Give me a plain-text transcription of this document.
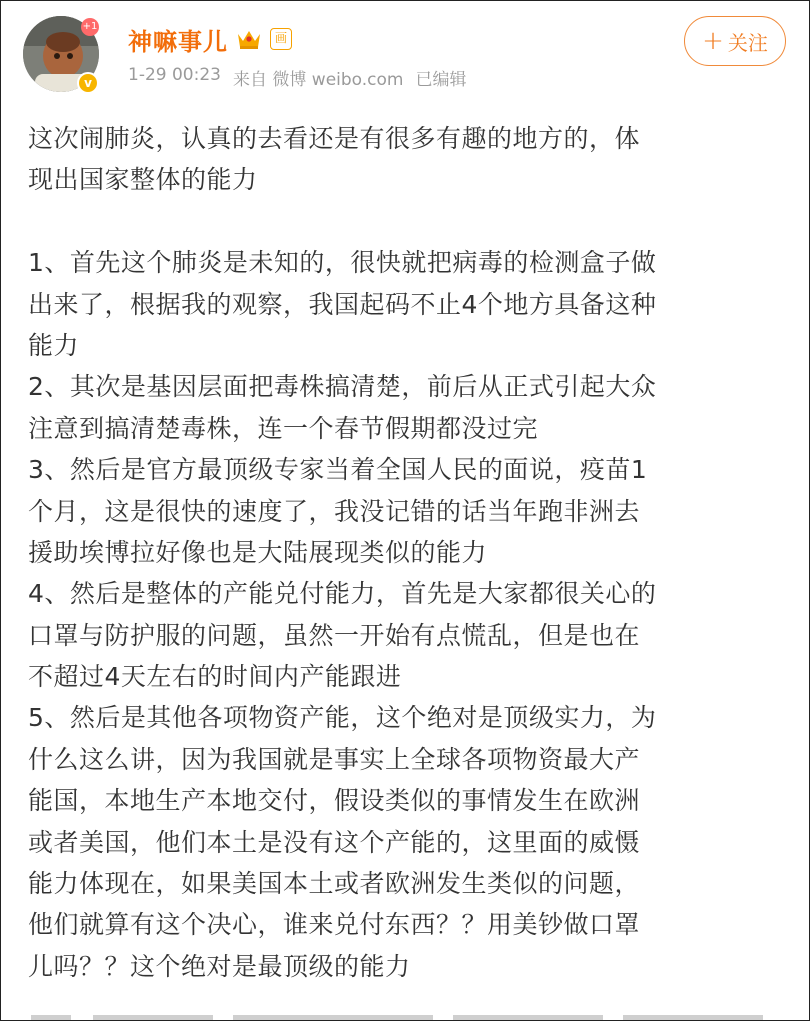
+1
v
神嘛事儿	画
1-29 00:23 来自 微博 weibo.com 已编辑
+ 关注
这次闹肺炎，认真的去看还是有很多有趣的地方的，体
现出国家整体的能力
1、首先这个肺炎是未知的，很快就把病毒的检测盒子做
出来了，根据我的观察，我国起码不止4个地方具备这种
能力
2、其次是基因层面把毒株搞清楚，前后从正式引起大众
注意到搞清楚毒株，连一个春节假期都没过完
3、然后是官方最顶级专家当着全国人民的面说，疫苗1
个月，这是很快的速度了，我没记错的话当年跑非洲去
援助埃博拉好像也是大陆展现类似的能力
4、然后是整体的产能兑付能力，首先是大家都很关心的
口罩与防护服的问题，虽然一开始有点慌乱，但是也在
不超过4天左右的时间内产能跟进
5、然后是其他各项物资产能，这个绝对是顶级实力，为
什么这么讲，因为我国就是事实上全球各项物资最大产
能国，本地生产本地交付，假设类似的事情发生在欧洲
或者美国，他们本土是没有这个产能的，这里面的威慑
能力体现在，如果美国本土或者欧洲发生类似的问题，
他们就算有这个决心，谁来兑付东西？？用美钞做口罩
儿吗？？这个绝对是最顶级的能力
